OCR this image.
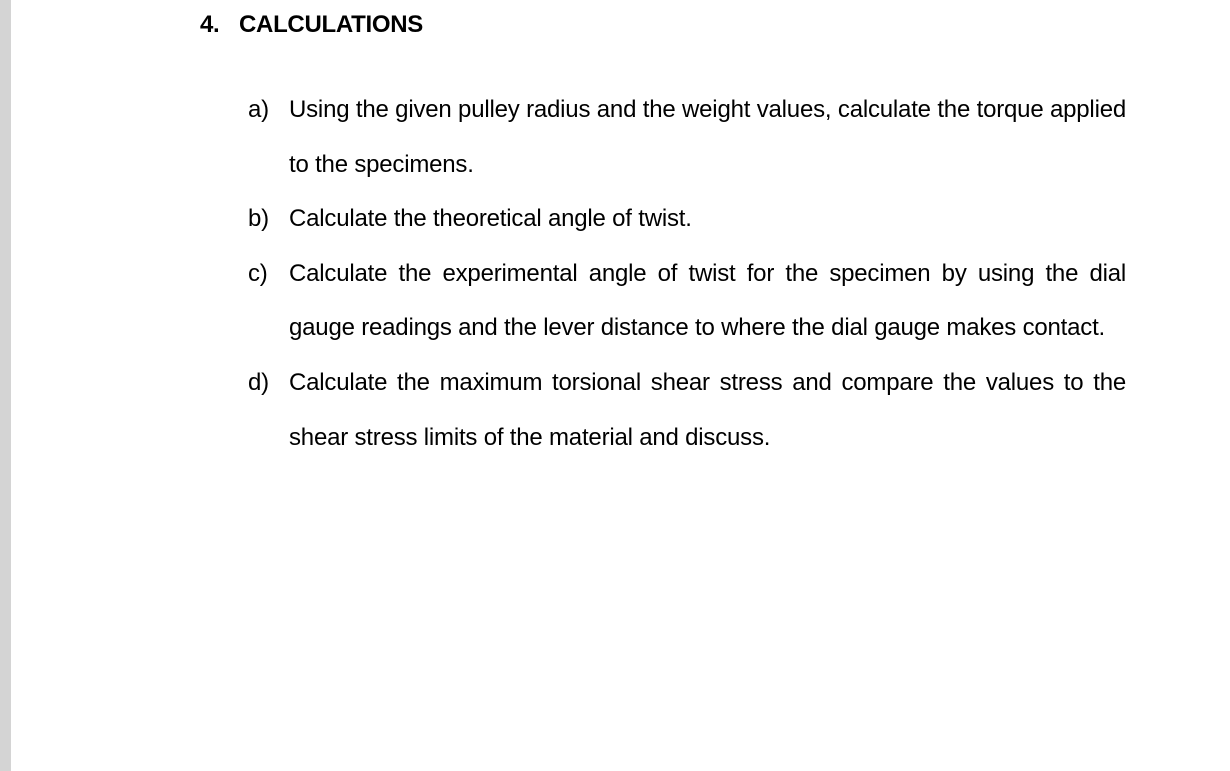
4. CALCULATIONS
a) Using the given pulley radius and the weight values, calculate the torque applied to the specimens.
b) Calculate the theoretical angle of twist.
c) Calculate the experimental angle of twist for the specimen by using the dial gauge readings and the lever distance to where the dial gauge makes contact.
d) Calculate the maximum torsional shear stress and compare the values to the shear stress limits of the material and discuss.
